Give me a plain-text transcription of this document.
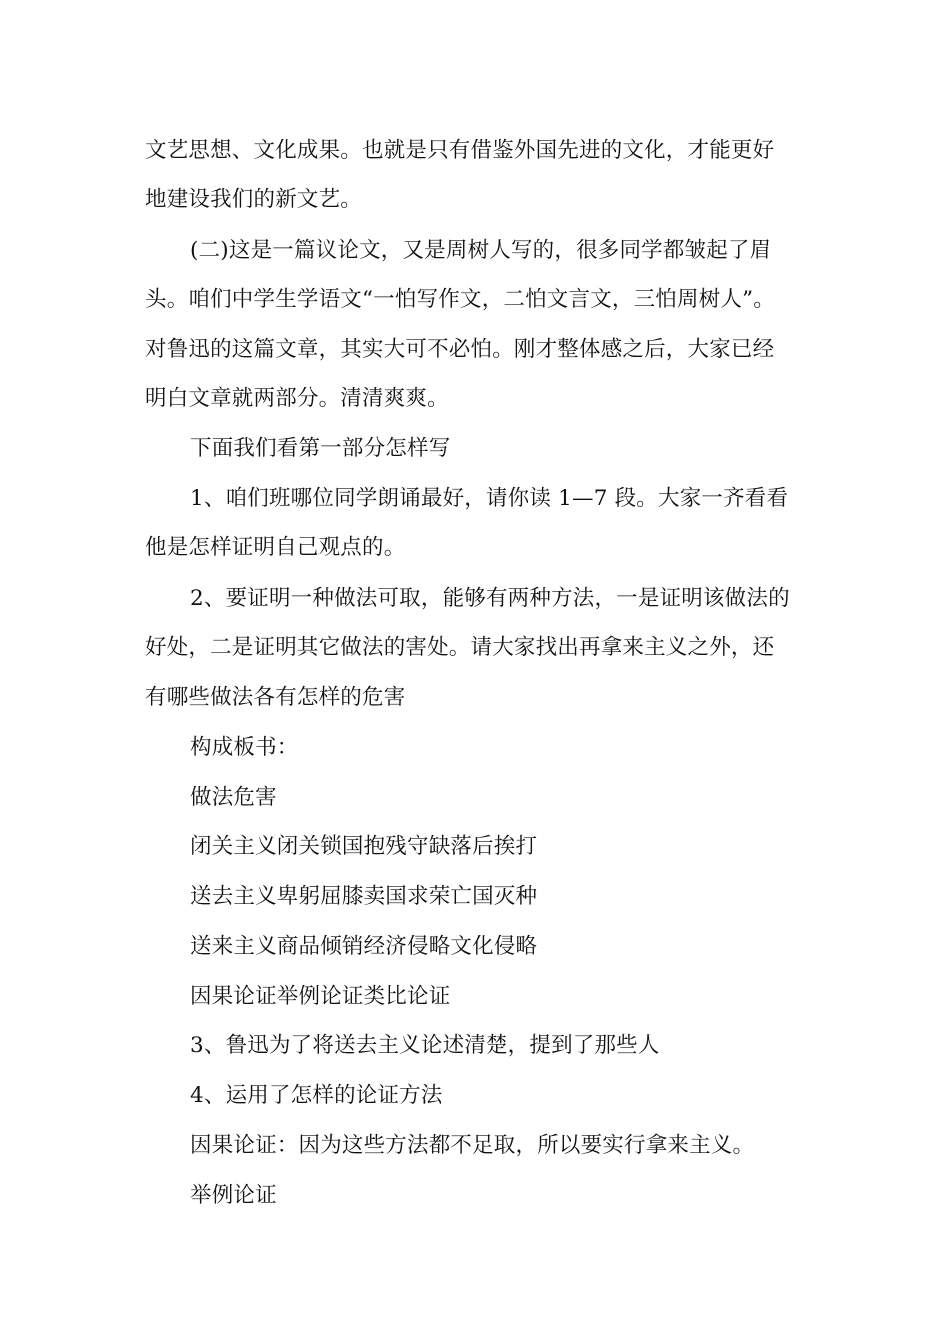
文艺思想、文化成果。也就是只有借鉴外国先进的文化，才能更好
地建设我们的新文艺。
(二)这是一篇议论文，又是周树人写的，很多同学都皱起了眉
头。咱们中学生学语文“一怕写作文，二怕文言文，三怕周树人”。
对鲁迅的这篇文章，其实大可不必怕。刚才整体感之后，大家已经
明白文章就两部分。清清爽爽。
下面我们看第一部分怎样写
1、咱们班哪位同学朗诵最好，请你读 1—7 段。大家一齐看看
他是怎样证明自己观点的。
2、要证明一种做法可取，能够有两种方法，一是证明该做法的
好处，二是证明其它做法的害处。请大家找出再拿来主义之外，还
有哪些做法各有怎样的危害
构成板书：
做法危害
闭关主义闭关锁国抱残守缺落后挨打
送去主义卑躬屈膝卖国求荣亡国灭种
送来主义商品倾销经济侵略文化侵略
因果论证举例论证类比论证
3、鲁迅为了将送去主义论述清楚，提到了那些人
4、运用了怎样的论证方法
因果论证：因为这些方法都不足取，所以要实行拿来主义。
举例论证
